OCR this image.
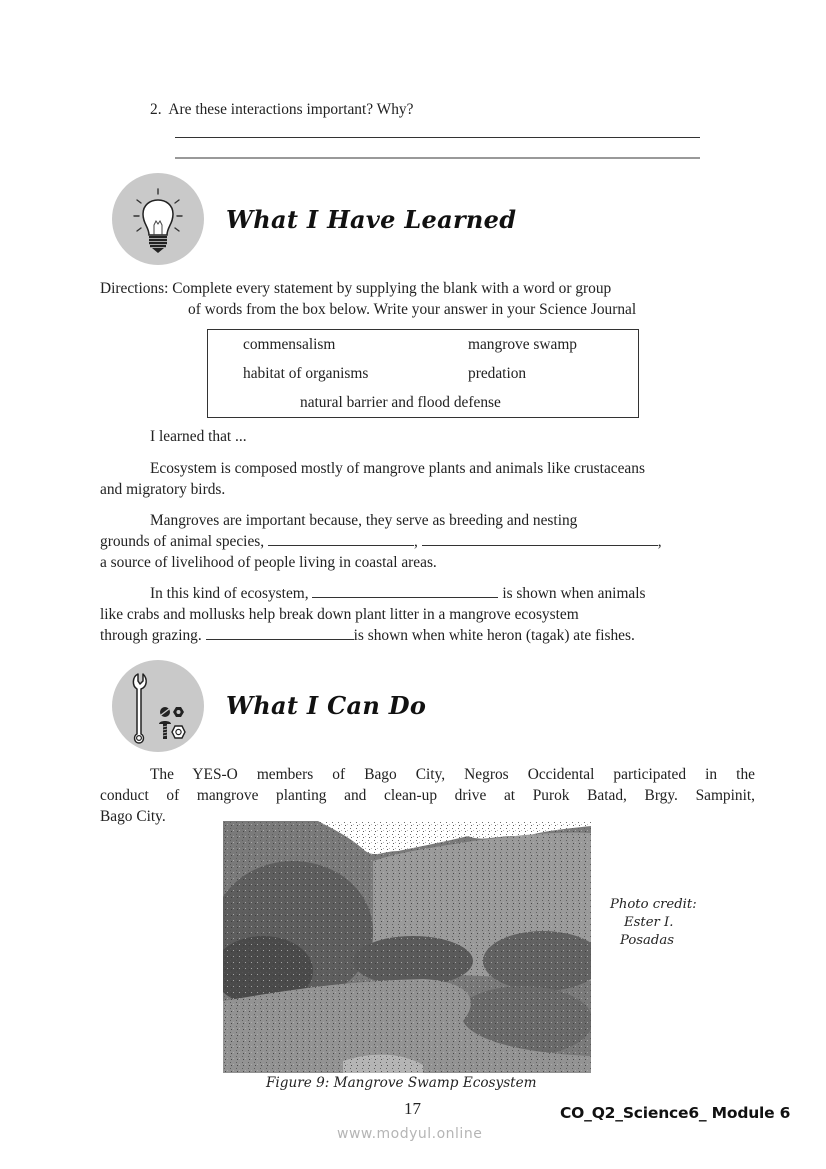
2. Are these interactions important? Why?
What I Have Learned
Directions: Complete every statement by supplying the blank with a word or group
of words from the box below. Write your answer in your Science Journal
commensalism	mangrove swamp
habitat of organisms	predation
natural barrier and flood defense
I learned that ...
Ecosystem is composed mostly of mangrove plants and animals like crustaceans
and migratory birds.
Mangroves are important because, they serve as breeding and nesting
grounds of animal species,	,	,
a source of livelihood of people living in coastal areas.
In this kind of ecosystem,	is shown when animals
like crabs and mollusks help break down plant litter in a mangrove ecosystem
through grazing.	is shown when white heron (tagak) ate fishes.
What I Can Do
The YES-O members of Bago City, Negros Occidental participated in the
conduct of mangrove planting and clean-up drive at Purok Batad, Brgy. Sampinit,
Bago City.
Photo credit:
Ester I.
Posadas
Figure 9: Mangrove Swamp Ecosystem
17	CO_Q2_Science6_ Module 6
www.modyul.online
